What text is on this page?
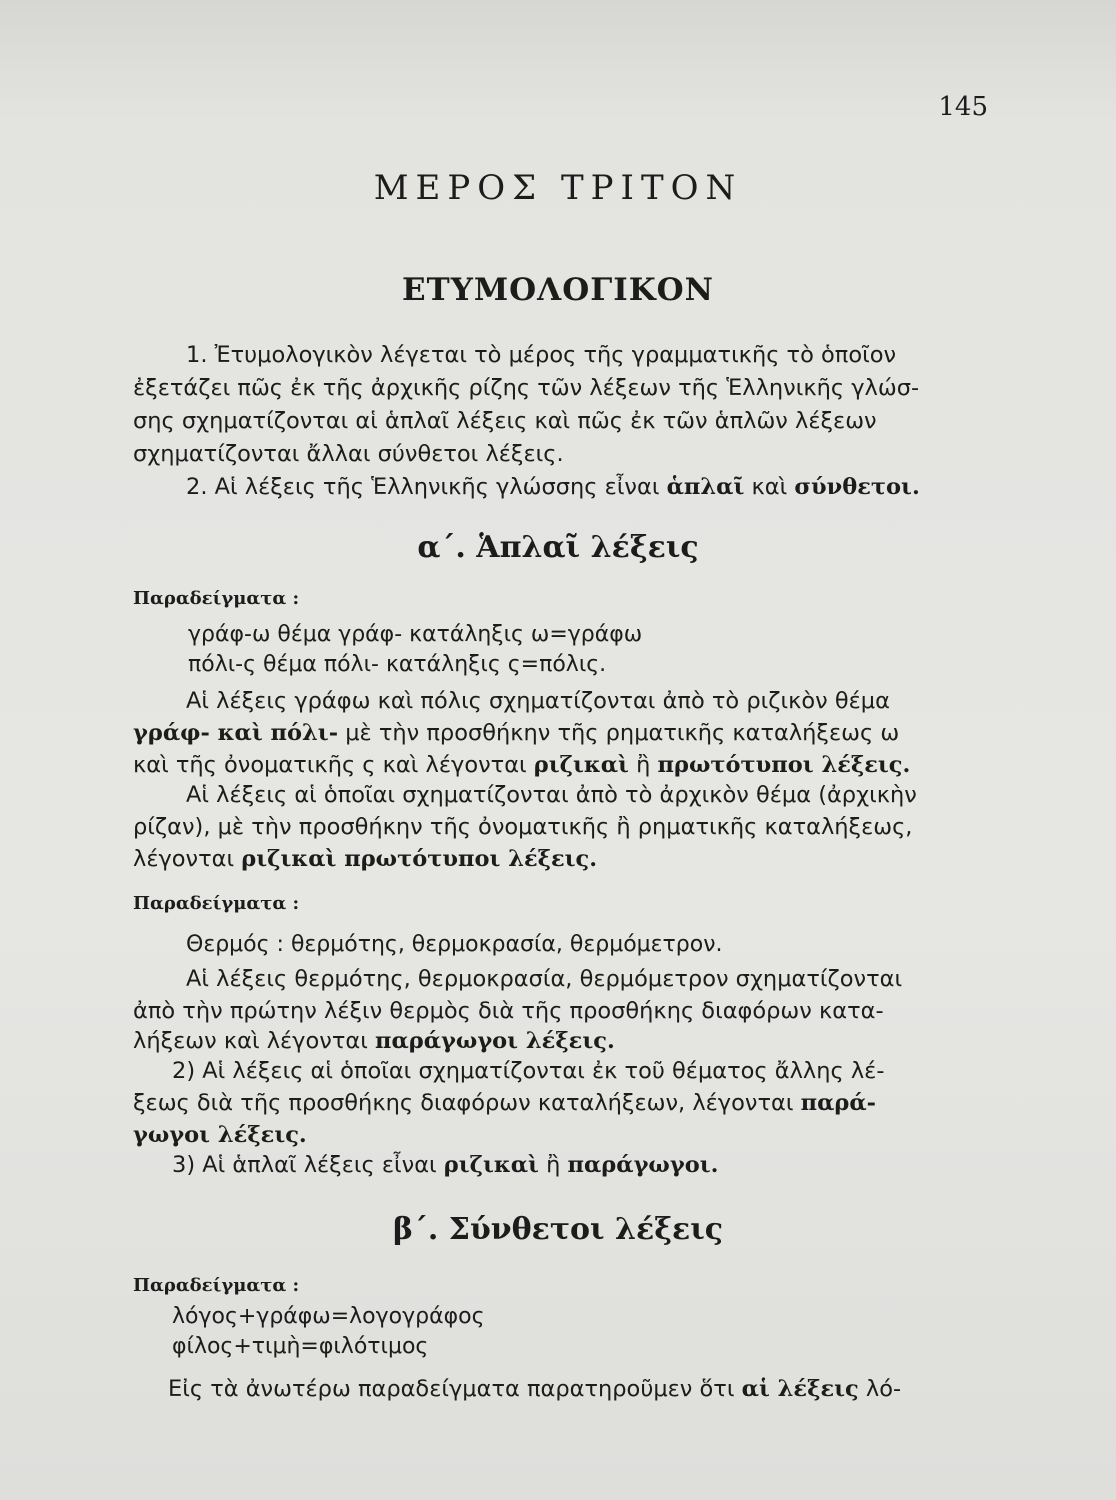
145
ΜΕΡΟΣ ΤΡΙΤΟΝ
ΕΤΥΜΟΛΟΓΙΚΟΝ
1. Ἐτυμολογικὸν λέγεται τὸ μέρος τῆς γραμματικῆς τὸ ὁποῖον
ἐξετάζει πῶς ἐκ τῆς ἀρχικῆς ρίζης τῶν λέξεων τῆς Ἑλληνικῆς γλώσ-
σης σχηματίζονται αἱ ἁπλαῖ λέξεις καὶ πῶς ἐκ τῶν ἁπλῶν λέξεων
σχηματίζονται ἄλλαι σύνθετοι λέξεις.
2. Αἱ λέξεις τῆς Ἑλληνικῆς γλώσσης εἶναι ἁπλαῖ καὶ σύνθετοι.
α΄. Ἁπλαῖ λέξεις
Παραδείγματα :
γράφ-ω θέμα γράφ- κατάληξις ω=γράφω
πόλι-ς θέμα πόλι- κατάληξις ς=πόλις.
Αἱ λέξεις γράφω καὶ πόλις σχηματίζονται ἀπὸ τὸ ριζικὸν θέμα
γράφ- καὶ πόλι- μὲ τὴν προσθήκην τῆς ρηματικῆς καταλήξεως ω
καὶ τῆς ὀνοματικῆς ς καὶ λέγονται ριζικαὶ ἢ πρωτότυποι λέξεις.
Αἱ λέξεις αἱ ὁποῖαι σχηματίζονται ἀπὸ τὸ ἀρχικὸν θέμα (ἀρχικὴν
ρίζαν), μὲ τὴν προσθήκην τῆς ὀνοματικῆς ἢ ρηματικῆς καταλήξεως,
λέγονται ριζικαὶ πρωτότυποι λέξεις.
Παραδείγματα :
Θερμός : θερμότης, θερμοκρασία, θερμόμετρον.
Αἱ λέξεις θερμότης, θερμοκρασία, θερμόμετρον σχηματίζονται
ἀπὸ τὴν πρώτην λέξιν θερμὸς διὰ τῆς προσθήκης διαφόρων κατα-
λήξεων καὶ λέγονται παράγωγοι λέξεις.
2) Αἱ λέξεις αἱ ὁποῖαι σχηματίζονται ἐκ τοῦ θέματος ἄλλης λέ-
ξεως διὰ τῆς προσθήκης διαφόρων καταλήξεων, λέγονται παρά-
γωγοι λέξεις.
3) Αἱ ἁπλαῖ λέξεις εἶναι ριζικαὶ ἢ παράγωγοι.
β΄. Σύνθετοι λέξεις
Παραδείγματα :
λόγος+γράφω=λογογράφος
φίλος+τιμὴ=φιλότιμος
Εἰς τὰ ἀνωτέρω παραδείγματα παρατηροῦμεν ὅτι αἱ λέξεις λό-
